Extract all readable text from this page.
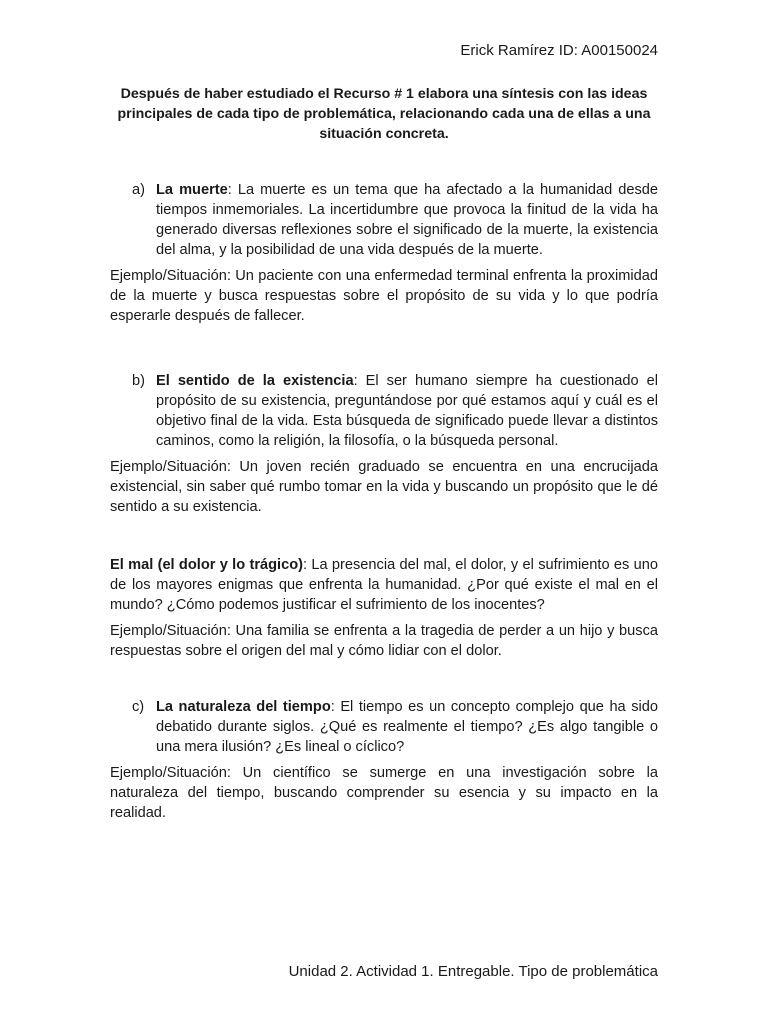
Erick Ramírez ID: A00150024
Después de haber estudiado el Recurso # 1 elabora una síntesis con las ideas principales de cada tipo de problemática, relacionando cada una de ellas a una situación concreta.

a) La muerte: La muerte es un tema que ha afectado a la humanidad desde tiempos inmemoriales. La incertidumbre que provoca la finitud de la vida ha generado diversas reflexiones sobre el significado de la muerte, la existencia del alma, y la posibilidad de una vida después de la muerte.

Ejemplo/Situación: Un paciente con una enfermedad terminal enfrenta la proximidad de la muerte y busca respuestas sobre el propósito de su vida y lo que podría esperarle después de fallecer.

b) El sentido de la existencia: El ser humano siempre ha cuestionado el propósito de su existencia, preguntándose por qué estamos aquí y cuál es el objetivo final de la vida. Esta búsqueda de significado puede llevar a distintos caminos, como la religión, la filosofía, o la búsqueda personal.

Ejemplo/Situación: Un joven recién graduado se encuentra en una encrucijada existencial, sin saber qué rumbo tomar en la vida y buscando un propósito que le dé sentido a su existencia.

El mal (el dolor y lo trágico): La presencia del mal, el dolor, y el sufrimiento es uno de los mayores enigmas que enfrenta la humanidad. ¿Por qué existe el mal en el mundo? ¿Cómo podemos justificar el sufrimiento de los inocentes?

Ejemplo/Situación: Una familia se enfrenta a la tragedia de perder a un hijo y busca respuestas sobre el origen del mal y cómo lidiar con el dolor.

c) La naturaleza del tiempo: El tiempo es un concepto complejo que ha sido debatido durante siglos. ¿Qué es realmente el tiempo? ¿Es algo tangible o una mera ilusión? ¿Es lineal o cíclico?

Ejemplo/Situación: Un científico se sumerge en una investigación sobre la naturaleza del tiempo, buscando comprender su esencia y su impacto en la realidad.

Unidad 2. Actividad 1. Entregable. Tipo de problemática
